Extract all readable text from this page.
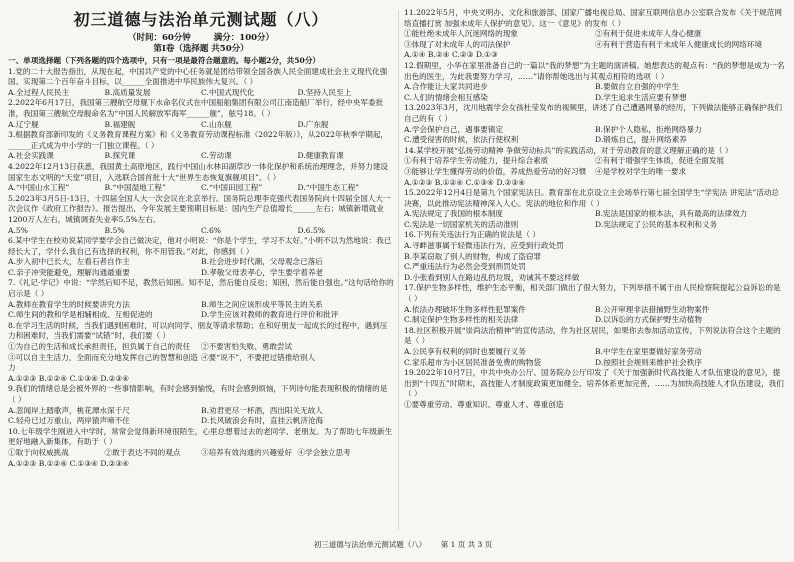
初三道德与法治单元测试题（八）
（时间：60分钟	满分：100分）
第Ⅰ卷（选择题 共50分）
一、单项选择题（下列各题的四个选项中，只有一项是最符合题意的。每小题2分，共50分）
1.党的二十大报告指出，从现在起，中国共产党的中心任务就是团结带领全国各族人民全面建成社会主义现代化强国、实现第二个百年奋斗目标，以______全面推进中华民族伟大复兴。（ ）
A.全过程人民民主	B.高质量发展	C.中国式现代化	D.坚持人民至上
2.2022年6月17日，我国第三艘航空母舰下水命名仪式在中国船舶集团有限公司江南造船厂举行，经中央军委批准，我国第三艘航空母舰命名为“中国人民解放军海军______舰”，舷号18。（ ）
A.辽宁舰	B.福建舰	C.山东舰	D.广东舰
3.根据教育部新印发的《义务教育课程方案》和《义务教育劳动课程标准（2022年版）》，从2022年秋季学期起，______正式成为中小学的一门独立课程。（ ）
A.社会实践课	B.探究课	C.劳动课	D.健康教育课
4.2022年12月13日获悉，我国黄土高原地区，践行中国山水林田湖草沙一体化保护和系统治理理念，并努力建设国家生态文明的“天堂”项目，入选联合国首批十大“世界生态恢复旗舰项目”。（ ）
A.“中国山水工程”	B.“中国湿地工程”	C.“中国田园工程”	D.“中国生态工程”
5.2023年3月5日-13日，十四届全国人大一次会议在北京举行。国务院总理李克强代表国务院向十四届全国人大一次会议作《政府工作报告》。报告提出，今年发展主要预期目标是：国内生产总值增长______左右；城镇新增就业1200万人左右，城镇调查失业率5.5%左右。
A.5%	B.5%	C.6%	D.6.5%
6.某中学生在校劝说某同学要学会自己做决定，他对小明说：“你是个学生，学习不太好。”小明不以为然地说：我已经长大了，学什么我自己有选择的权利，你不用管我。”对此，你感到（ ）
A.步入初中已长大，左看石者自作主	B.社会进步时代潮，父母观念已落后
C.亲子冲突能避免，理解沟通最重要	D.孝敬父母表孝心，学生要学着养老
7.《礼记·学记》中说：“学然后知不足，教然后知困。知不足，然后能自反也；知困，然后能自强也。”这句话给你的启示是（ ）
A.教师在教育学生的时候要讲究方法	B.师生之间应该形成平等民主的关系
C.师生间的教和学是相辅相成、互相促进的	D.学生应该对教师的教育进行评价和批评
8.在学习生活的时候，当我们遇到困难时，可以向同学、朋友等请求帮助；在和好朋友一起成长的过程中，遇到压力和困难时，当我们需要“试错”时，我们要（ ）
①为自己的生活和成长承担责任，担负属于自己的责任	②不要害怕失败、勇敢尝试
③可以自主生活力，全面而充分地发挥自己的智慧和创造力
④要“说不”，不要把过错推给别人
A.①②③ B.①②④ C.①③④ D.②③④
9.我们的情绪总是会被外界的一些事情影响，有时会感到愉悦，有时会感到烦恼，下列诗句能表现积极的情绪的是（ ）
A.忽闻岸上踏歌声，桃花潭水深千尺	B.劝君更尽一杯酒，西出阳关无故人
C.轻舟已过万重山，两岸猿声啼不住	D.长风破浪会有时，直挂云帆济沧海
10.七年级学生刚进入中学时，常常会觉得新环境很陌生，心里总想着过去的老同学、老朋友。为了帮助七年级新生更好地融入新集体，有助于（ ）
①取于向权威挑战	②敢于表达不同的观点	③培养有效沟通的兴趣爱好 ④学会独立思考
A.①②③ B.①②④ C.①③④ D.②③④
11.2022年5月，中央文明办、文化和旅游部、国家广播电视总局、国家互联网信息办公室联合发布《关于规范网络直播打赏 加强未成年人保护的意见》。这一《意见》的发布（ ）
①能杜绝未成年人沉迷网络的现象	②有利于促进未成年人身心健康
③体现了对未成年人的司法保护	④有利于营造有利于未成年人健康成长的网络环境
A.①④ B.②④ C.②③ D.①③
12.假期里，小华在家里准备自己的一篇以“我的梦想”为主题的演讲稿。她想表达的观点有：“我的梦想是成为一名出色的医生，为此我要努力学习，……”请你帮她选出与其观点相符的选项（ ）
A.合作能让大家共同进步	B.要做自立自强的中学生
C.人们的情绪会相互感染	D.学生追求生活应要有梦想
13.2023年3月，沈川地震学会女孩杜莹发布的视频里，讲述了自己遭遇网暴的经历，下列做法能够正确保护我们自己的有（ ）
A.学会保护自己，遇事要镇定	B.保护个人隐私，拒绝网络暴力
C.遭受侵害的时候，依法行使权利	D.锻炼自己，提升网络素养
14.某学校开展“弘扬劳动精神 争做劳动标兵”的实践活动，对于劳动教育的意义理解正确的是（ ）
①有利于培养学生劳动能力，提升综合素质	②有利于增强学生体质，促进全面发展
③能够让学生懂得劳动的价值，养成热爱劳动的好习惯	④是学校对学生的唯一要求
A.①②③ B.①②④ C.①③④ D.②③④
15.2022年12月4日是第九个国家宪法日。教育部在北京设立主会场举行第七届全国学生“学宪法 讲宪法”活动总决赛，以此推动宪法精神深入人心。宪法的地位和作用（ ）
A.宪法规定了我国的根本制度	B.宪法是国家的根本法，具有最高的法律效力
C.宪法是一切国家机关的活动准则	D.宪法规定了公民的基本权利和义务
16.下列有关违法行为正确的说法是（ ）
A.寻衅滋事属于轻微违法行为，应受到行政处罚
B.李某窃取了别人的财物，构成了盗窃罪
C.严重违法行为必然会受到刑罚处罚
D.小张看到别人在路边乱扔垃圾，劝诫其不要这样做
17.保护生物多样性，维护生态平衡，相关部门做出了很大努力，下列举措不属于由人民检察院提起公益诉讼的是（ ）
A.依法办理破坏生物多样性犯罪案件	B.公开审理非法猎捕野生动物案件
C.制定保护生物多样性的相关法律	D.以诉讼的方式保护野生动植物
18.社区积极开展“崇尚法治精神”的宣传活动，作为社区居民，如果你去参加活动宣传，下列说法符合这个主题的是（ ）
A.公民享有权利的同时也要履行义务	B.中学生在家里要做好家务劳动
C.家乐超市为小区居民准备免费的购物袋	D.按照社会规则来维护社会秩序
19.2022年10月7日，中共中央办公厅、国务院办公厅印发了《关于加强新时代高技能人才队伍建设的意见》，提出到“十四五”时期末，高技能人才制度政策更加健全、培养体系更加完善，……为加快高技能人才队伍建设，我们（ ）
①要尊重劳动、尊重知识、尊重人才、尊重创造
初三道德与法治单元测试题（八） 第 1 页 共 3 页
